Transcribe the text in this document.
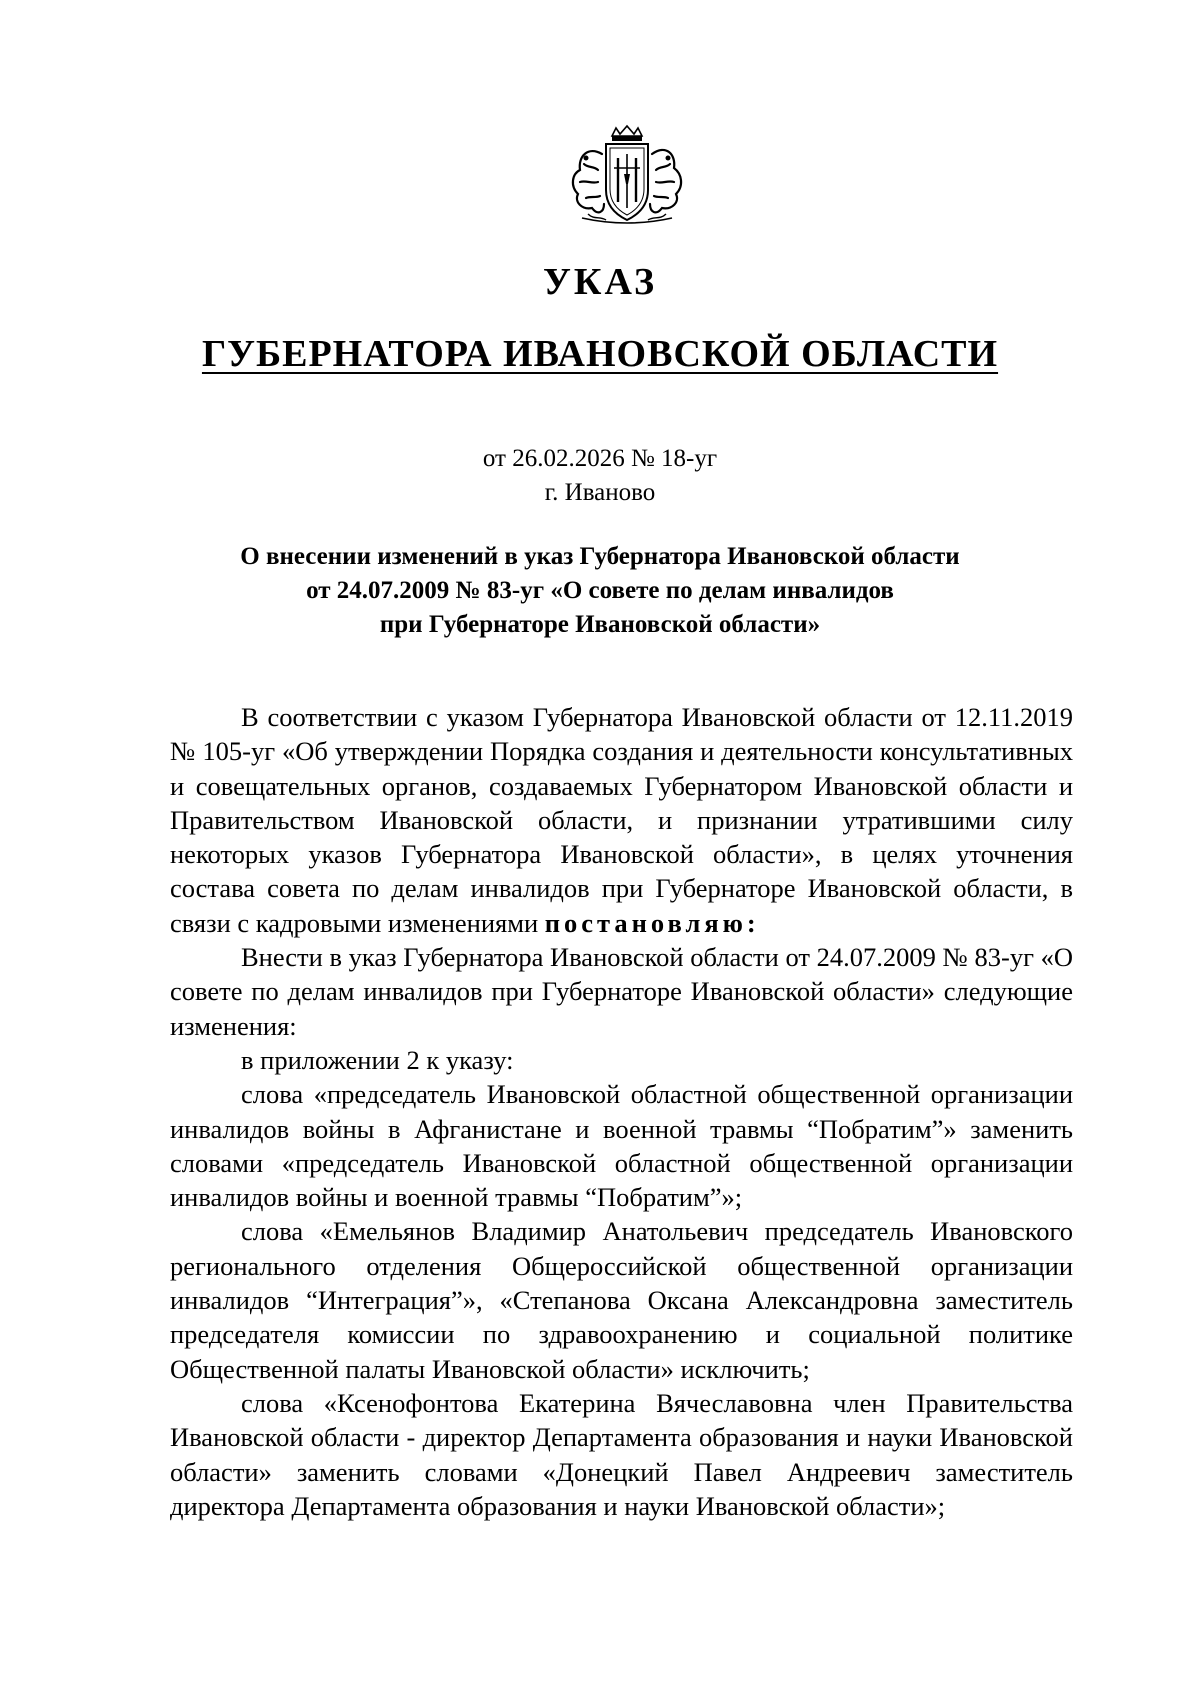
УКАЗ
ГУБЕРНАТОРА ИВАНОВСКОЙ ОБЛАСТИ
от 26.02.2026 № 18-уг
г. Иваново
О внесении изменений в указ Губернатора Ивановской области
от 24.07.2009 № 83-уг «О совете по делам инвалидов
при Губернаторе Ивановской области»

В соответствии с указом Губернатора Ивановской области от 12.11.2019 № 105-уг «Об утверждении Порядка создания и деятельности консультативных и совещательных органов, создаваемых Губернатором Ивановской области и Правительством Ивановской области, и признании утратившими силу некоторых указов Губернатора Ивановской области», в целях уточнения состава совета по делам инвалидов при Губернаторе Ивановской области, в связи с кадровыми изменениями постановляю:

Внести в указ Губернатора Ивановской области от 24.07.2009 № 83-уг «О совете по делам инвалидов при Губернаторе Ивановской области» следующие изменения:

в приложении 2 к указу:

слова «председатель Ивановской областной общественной организации инвалидов войны в Афганистане и военной травмы “Побратим”» заменить словами «председатель Ивановской областной общественной организации инвалидов войны и военной травмы “Побратим”»;

слова «Емельянов Владимир Анатольевич председатель Ивановского регионального отделения Общероссийской общественной организации инвалидов “Интеграция”», «Степанова Оксана Александровна заместитель председателя комиссии по здравоохранению и социальной политике Общественной палаты Ивановской области» исключить;

слова «Ксенофонтова Екатерина Вячеславовна член Правительства Ивановской области - директор Департамента образования и науки Ивановской области» заменить словами «Донецкий Павел Андреевич заместитель директора Департамента образования и науки Ивановской области»;
